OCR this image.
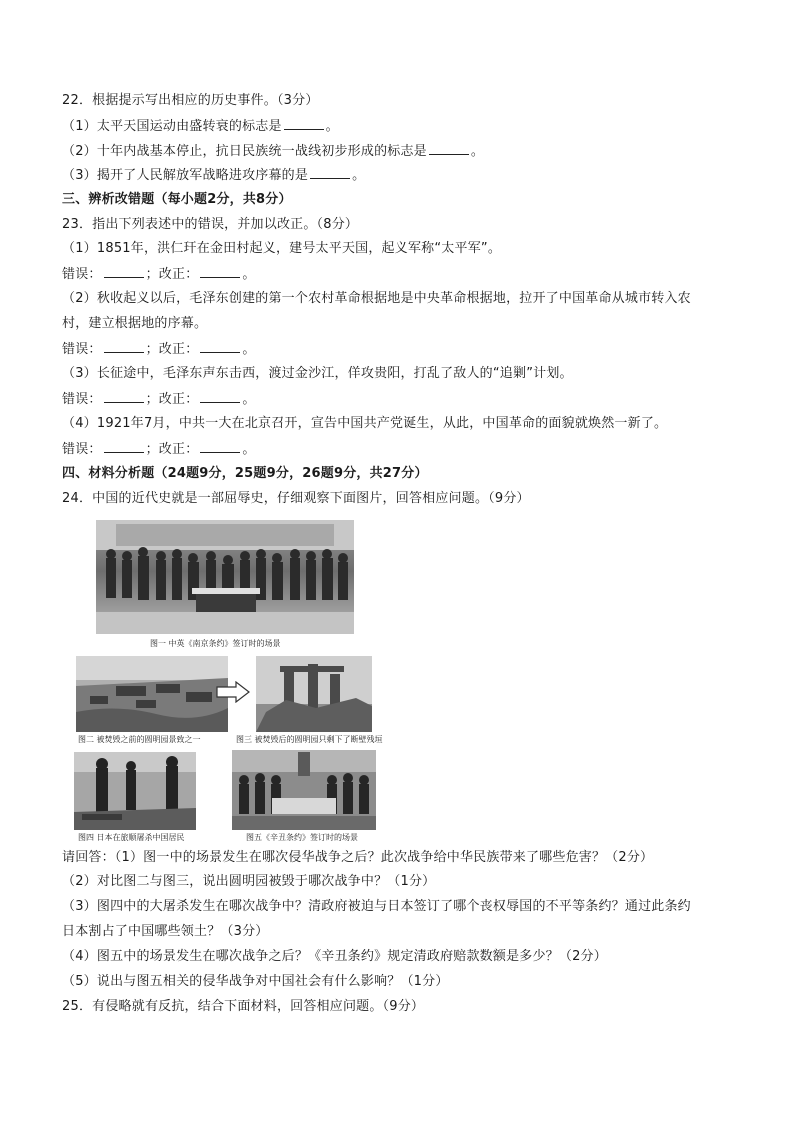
22．根据提示写出相应的历史事件。（3分）
（1）太平天国运动由盛转衰的标志是	。
（2）十年内战基本停止，抗日民族统一战线初步形成的标志是	。
（3）揭开了人民解放军战略进攻序幕的是	。
三、辨析改错题（每小题2分，共8分）
23．指出下列表述中的错误，并加以改正。（8分）
（1）1851年，洪仁玕在金田村起义，建号太平天国，起义军称“太平军”。
错误：	；改正：	。
（2）秋收起义以后，毛泽东创建的第一个农村革命根据地是中央革命根据地，拉开了中国革命从城市转入农
村，建立根据地的序幕。
错误：	；改正：	。
（3）长征途中，毛泽东声东击西，渡过金沙江，佯攻贵阳，打乱了敌人的“追剿”计划。
错误：	；改正：	。
（4）1921年7月，中共一大在北京召开，宣告中国共产党诞生，从此，中国革命的面貌就焕然一新了。
错误：	；改正：	。
四、材料分析题（24题9分，25题9分，26题9分，共27分）
24．中国的近代史就是一部屈辱史，仔细观察下面图片，回答相应问题。（9分）
图一 中英《南京条约》签订时的场景
图二 被焚毁之前的圆明园景致之一	图三 被焚毁后的圆明园只剩下了断壁残垣
图四 日本在旅顺屠杀中国居民	图五《辛丑条约》签订时的场景
请回答：（1）图一中的场景发生在哪次侵华战争之后？此次战争给中华民族带来了哪些危害？（2分）
（2）对比图二与图三，说出圆明园被毁于哪次战争中？（1分）
（3）图四中的大屠杀发生在哪次战争中？清政府被迫与日本签订了哪个丧权辱国的不平等条约？通过此条约
日本割占了中国哪些领土？（3分）
（4）图五中的场景发生在哪次战争之后？《辛丑条约》规定清政府赔款数额是多少？（2分）
（5）说出与图五相关的侵华战争对中国社会有什么影响？（1分）
25．有侵略就有反抗，结合下面材料，回答相应问题。（9分）
